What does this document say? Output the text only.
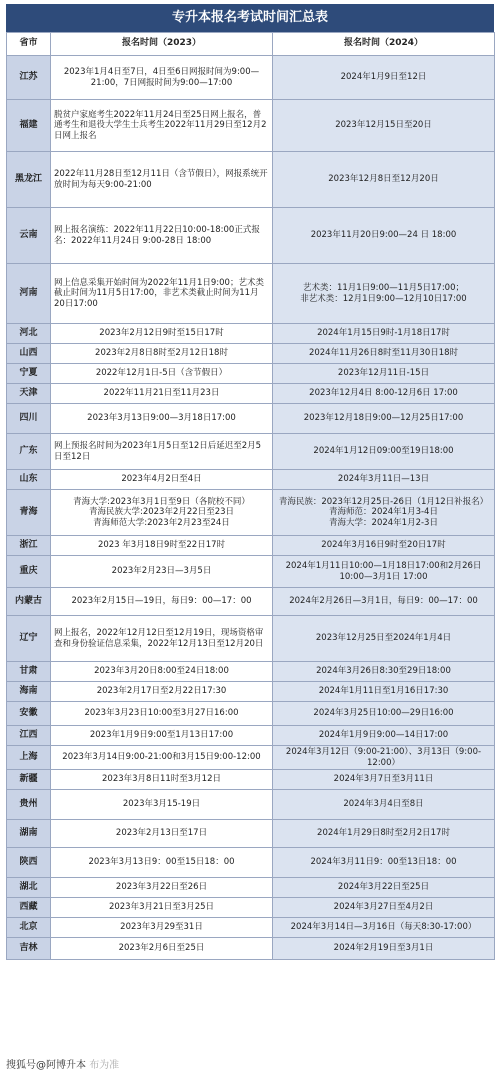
专升本报名考试时间汇总表
省市	报名时间（2023）	报名时间（2024）
江苏	2023年1月4日至7日，4日至6日网报时间为9:00—21:00，7日网报时间为9:00—17:00	2024年1月9日至12日
福建	脱贫户家庭考生2022年11月24日至25日网上报名，普通考生和退役大学生士兵考生2022年11月29日至12月2日网上报名	2023年12月15日至20日
黑龙江	2022年11月28日至12月11日（含节假日），网报系统开放时间为每天9:00-21:00	2023年12月8日至12月20日
云南	网上报名演练：2022年11月22日10:00-18:00正式报名：2022年11月24日 9:00-28日 18:00	2023年11月20日9:00—24 日 18:00
河南	网上信息采集开始时间为2022年11月1日9:00；艺术类截止时间为11月5日17:00，非艺术类截止时间为11月20日17:00	艺术类：11月1日9:00—11月5日17:00；
非艺术类：12月1日9:00—12月10日17:00
河北	2023年2月12日9时至15日17时	2024年1月15日9时-1月18日17时
山西	2023年2月8日8时至2月12日18时	2024年11月26日8时至11月30日18时
宁夏	2022年12月1日-5日（含节假日）	2023年12月11日-15日
天津	2022年11月21日至11月23日	2023年12月4日 8:00-12月6日 17:00
四川	2023年3月13日9:00—3月18日17:00	2023年12月18日9:00—12月25日17:00
广东	网上预报名时间为2023年1月5日至12日后延迟至2月5日至12日	2024年1月12日09:00至19日18:00
山东	2023年4月2日至4日	2024年3月11日—13日
青海	青海大学:2023年3月1日至9日（各院校不同）
青海民族大学:2023年2月22日至23日
青海师范大学:2023年2月23至24日	青海民族：2023年12月25日-26日（1月12日补报名）
青海师范：2024年1月3-4日
青海大学：2024年1月2-3日
浙江	2023 年3月18日9时至22日17时	2024年3月16日9时至20日17时
重庆	2023年2月23日—3月5日	2024年1月11日10:00—1月18日17:00和2月26日10:00—3月1日 17:00
内蒙古	2023年2月15日—19日，每日9：00—17：00	2024年2月26日—3月1日，每日9：00—17：00
辽宁	网上报名，2022年12月12日至12月19日，现场资格审查和身份验证信息采集，2022年12月13日至12月20日	2023年12月25日至2024年1月4日
甘肃	2023年3月20日8:00至24日18:00	2024年3月26日8:30至29日18:00
海南	2023年2月17日至2月22日17:30	2024年1月11日至1月16日17:30
安徽	2023年3月23日10:00至3月27日16:00	2024年3月25日10:00—29日16:00
江西	2023年1月9日9:00至1月13日17:00	2024年1月9日9:00—14日17:00
上海	2023年3月14日9:00-21:00和3月15日9:00-12:00	2024年3月12日（9:00-21:00）、3月13日（9:00-12:00）
新疆	2023年3月8日11时至3月12日	2024年3月7日至3月11日
贵州	2023年3月15-19日	2024年3月4日至8日
湖南	2023年2月13日至17日	2024年1月29日8时至2月2日17时
陕西	2023年3月13日9：00至15日18：00	2024年3月11日9：00至13日18：00
湖北	2023年3月22日至26日	2024年3月22日至25日
西藏	2023年3月21日至3月25日	2024年3月27日至4月2日
北京	2023年3月29至31日	2024年3月14日—3月16日（每天8:30-17:00）
吉林	2023年2月6日至25日	2024年2月19日至3月1日
搜狐号@阿博升本 布为准
